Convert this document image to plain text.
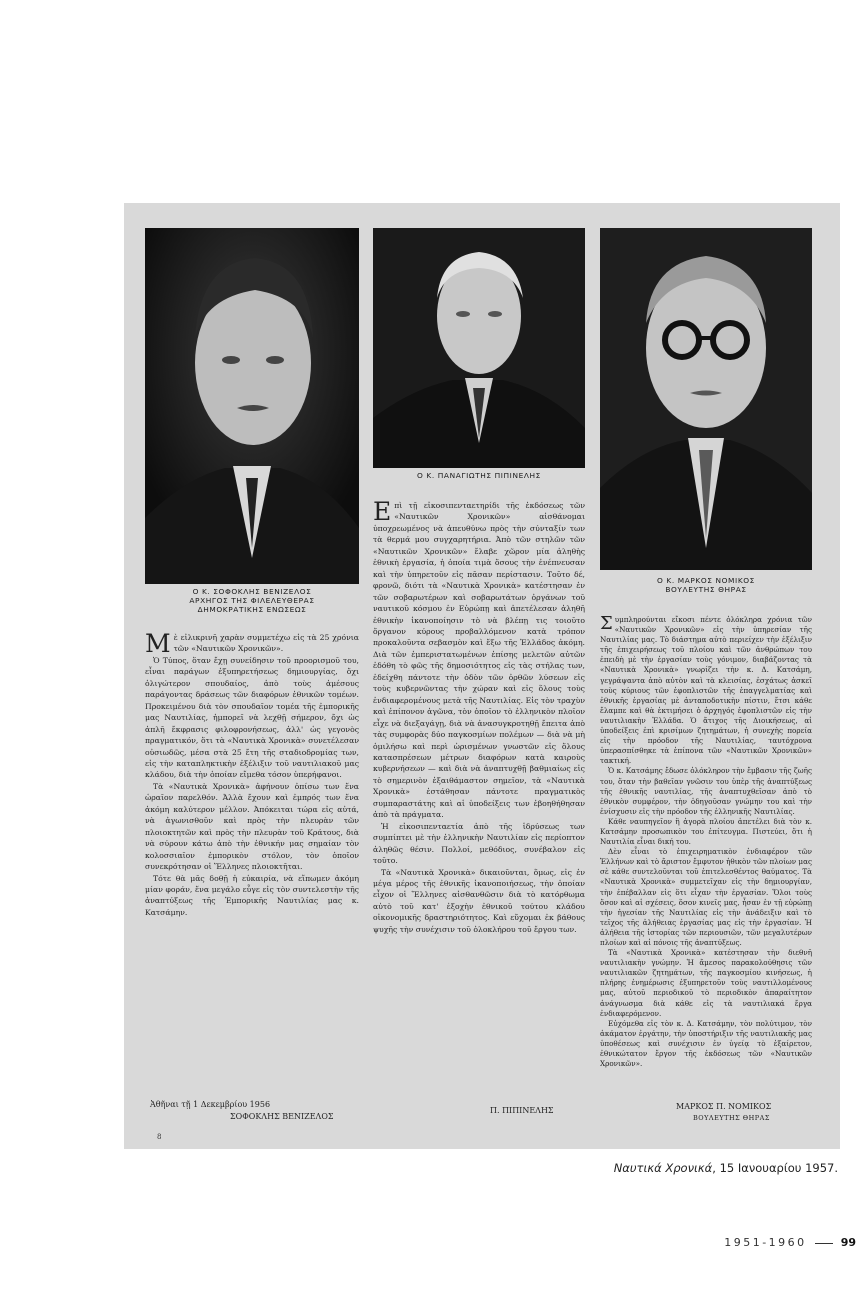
Ο Κ. ΣΟΦΟΚΛΗΣ ΒΕΝΙΖΕΛΟΣ
ΑΡΧΗΓΟΣ ΤΗΣ ΦΙΛΕΛΕΥΘΕΡΑΣ
ΔΗΜΟΚΡΑΤΙΚΗΣ ΕΝΩΣΕΩΣ
Ο Κ. ΠΑΝΑΓΙΩΤΗΣ ΠΙΠΙΝΕΛΗΣ
Ο Κ. ΜΑΡΚΟΣ ΝΟΜΙΚΟΣ
ΒΟΥΛΕΥΤΗΣ ΘΗΡΑΣ

Μὲ εἰλικρινῆ χαρὰν συμμετέχω εἰς τὰ 25 χρόνια τῶν «Ναυτικῶν Χρονικῶν».

Ὁ Τύπος, ὅταν ἔχῃ συνείδησιν τοῦ προορισμοῦ του, εἶναι παράγων ἐξυπηρετήσεως δημιουργίας, ὄχι ὀλιγώτερον σπουδαίος, ἀπὸ τοὺς ἁμέσους παράγοντας δράσεως τῶν διαφόρων ἐθνικῶν τομέων. Προκειμένου διὰ τὸν σπουδαῖον τομέα τῆς ἐμπορικῆς μας Ναυτιλίας, ἠμπορεῖ νὰ λεχθῇ σήμερον, ὄχι ὡς ἁπλῆ ἔκφρασις φιλοφρονήσεως, ἀλλ' ὡς γεγονὸς πραγματικόν, ὅτι τὰ «Ναυτικὰ Χρονικὰ» συνετέλεσαν οὐσιωδῶς, μέσα στὰ 25 ἔτη τῆς σταδιοδρομίας των, εἰς τὴν καταπληκτικὴν ἐξέλιξιν τοῦ ναυτιλιακοῦ μας κλάδου, διὰ τὴν ὁποίαν εἴμεθα τόσον ὑπερήφανοι.

Τὰ «Ναυτικὰ Χρονικὰ» ἀφήνουν ὀπίσω των ἕνα ὡραῖον παρελθόν. Ἀλλὰ ἔχουν καὶ ἐμπρός των ἕνα ἀκόμη καλύτερον μέλλον. Ἀπόκειται τώρα εἰς αὐτά, νὰ ἀγωνισθοῦν καὶ πρὸς τὴν πλευρὰν τῶν πλοιοκτητῶν καὶ πρὸς τὴν πλευρὰν τοῦ Κράτους, διὰ νὰ σύρουν κάτω ἀπὸ τὴν ἐθνικήν μας σημαίαν τὸν κολοσσιαῖον ἐμπορικὸν στόλον, τὸν ὁποῖον συνεκρότησαν οἱ Ἕλληνες πλοιοκτῆται.

Τότε θὰ μᾶς δοθῇ ἡ εὐκαιρία, νὰ εἴπωμεν ἀκόμη μίαν φοράν, ἕνα μεγάλο εὖγε εἰς τὸν συντελεστὴν τῆς ἀναπτύξεως τῆς Ἐμπορικῆς Ναυτιλίας μας κ. Κατσάμην.

Ἀθῆναι τῇ 1 Δεκεμβρίου 1956
ΣΟΦΟΚΛΗΣ ΒΕΝΙΖΕΛΟΣ
8

Επὶ τῇ εἰκοσιπενταετηρίδι τῆς ἐκδόσεως τῶν «Ναυτικῶν Χρονικῶν» αἰσθάνομαι ὑποχρεωμένος νὰ ἀπευθύνω πρὸς τὴν σύνταξίν των τὰ θερμά μου συγχαρητήρια. Ἀπὸ τῶν στηλῶν τῶν «Ναυτικῶν Χρονικῶν» ἔλαβε χῶρον μία ἀληθὴς ἐθνικὴ ἐργασία, ἡ ὁποία τιμὰ ὅσους τὴν ἐνέπνευσαν καὶ τὴν ὑπηρετοῦν εἰς πᾶσαν περίστασιν. Τοῦτο δέ, φρονῶ, διότι τὰ «Ναυτικὰ Χρονικὰ» κατέστησαν ἐν τῶν σοβαρωτέρων καὶ σοβαρωτάτων ὀργάνων τοῦ ναυτικοῦ κόσμου ἐν Εὐρώπῃ καὶ ἀπετέλεσαν ἀληθῆ ἐθνικὴν ἱκανοποίησιν τὸ νὰ βλέπῃ τις τοιοῦτο ὄργανον κύρους προβαλλόμενον κατὰ τρόπον προκαλοῦντα σεβασμὸν καὶ ἔξω τῆς Ἑλλάδος ἀκόμη. Διὰ τῶν ἐμπεριστατωμένων ἐπίσης μελετῶν αὐτῶν ἐδόθη τὸ φῶς τῆς δημοσιότητος εἰς τὰς στήλας των, ἐδείχθη πάντοτε τὴν ὁδὸν τῶν ὀρθῶν λύσεων εἰς τοὺς κυβερνῶντας τὴν χώραν καὶ εἰς ὅλους τοὺς ἐνδιαφερομένους μετὰ τῆς Ναυτιλίας. Εἰς τὸν τραχὺν καὶ ἐπίπονον ἀγῶνα, τὸν ὁποῖον τὸ ἑλληνικὸν πλοῖον εἶχε νὰ διεξαγάγῃ, διὰ νὰ ἀνασυγκροτηθῇ ἔπειτα ἀπὸ τὰς συμφορὰς δύο παγκοσμίων πολέμων — διὰ νὰ μὴ ὁμιλήσω καὶ περὶ ὡρισμένων γνωστῶν εἰς ὅλους κατασπρέσεων μέτρων διαφόρων κατὰ καιροὺς κυβερνήσεων — καὶ διὰ νὰ ἀναπτυχθῇ βαθμιαίως εἰς τὸ σημερινὸν ἐξαιθάμαστον σημεῖον, τὰ «Ναυτικὰ Χρονικὰ» ἐστάθησαν πάντοτε πραγματικὸς συμπαραστάτης καὶ αἱ ὑποδείξεις των ἐβοηθήθησαν ἀπὸ τὰ πράγματα.

Ἡ εἰκοσιπενταετία ἀπὸ τῆς ἱδρύσεως των συμπίπτει μὲ τὴν ἑλληνικὴν Ναυτιλίαν εἰς περίοπτον ἀληθῶς θέσιν. Πολλοί, μεθόδιος, συνέβαλον εἰς τοῦτο.

Τὰ «Ναυτικὰ Χρονικὰ» δικαιοῦνται, ὅμως, εἰς ἐν μέγα μέρος τῆς ἐθνικῆς ἱκανοποιήσεως, τὴν ὁποίαν εἶχον οἱ Ἕλληνες αἰσθανθῶσιν διὰ τὸ κατόρθωμα αὐτὸ τοῦ κατ' ἐξοχὴν ἐθνικοῦ τούτου κλάδου οἰκονομικῆς δραστηριότητος. Καὶ εὔχομαι ἐκ βάθους ψυχῆς τὴν συνέχισιν τοῦ ὁλοκλήρου τοῦ ἔργου των.

Π. ΠΙΠΙΝΕΛΗΣ

Συμπληρούνται εἴκοσι πέντε ὁλόκληρα χρόνια τῶν «Ναυτικῶν Χρονικῶν» εἰς τὴν ὑπηρεσίαν τῆς Ναυτιλίας μας. Τὸ διάστημα αὐτὸ περιείχεν τὴν ἐξέλιξιν τῆς ἐπιχειρήσεως τοῦ πλοίου καὶ τῶν ἀνθρώπων του ἐπειδὴ μὲ τὴν ἐργασίαν τοὺς γόνιμον, διαβάζοντας τὰ «Ναυτικὰ Χρονικὰ» γνωρίζει τὴν κ. Δ. Κατσάμη, γεγράψαντα ἀπὸ αὐτὸν καὶ τὰ κλεισίας, ἐσχάτως ἀσκεῖ τοὺς κύριους τῶν ἐφοπλιστῶν τῆς ἐπαγγελματίας καὶ ἐθνικῆς ἐργασίας μὲ ἀνταποδοτικὴν πίστιν, ἔτσι κάθε ἔλαμπε καὶ θὰ ἐκτιμήσει ὁ ἀρχηγός ἐφοπλιστῶν εἰς τὴν ναυτιλιακὴν Ἑλλάδα. Ὁ ἄτιχος τῆς Διοικήσεως, αἱ ὑποδείξεις ἐπὶ κρισίμων ζητημάτων, ἡ συνεχὴς πορεία εἰς τὴν πρόοδον τῆς Ναυτιλίας, ταυτόχρονα ὑπερασπίσθηκε τὰ ἐπίπονα τῶν «Ναυτικῶν Χρονικῶν» τακτική.

Ὁ κ. Κατσάμης ἔδωσε ὁλόκληρον τὴν ἔμβασιν τῆς ζωῆς του, ὅταν τὴν βαθεῖαν γνῶσιν του ὑπὲρ τῆς ἀναπτύξεως τῆς ἐθνικῆς ναυτιλίας, τῆς ἀναπτυχθεῖσαν ἀπὸ τὸ ἐθνικὸν συμφέρον, τὴν ὁδηγοῦσαν γνώμην του καὶ τὴν ἐνίσχυσιν εἰς τὴν πρόοδον τῆς ἑλληνικῆς Ναυτιλίας.

Κάθε ναυπηγεῖον ἢ ἀγορὰ πλοίου ἀπετέλει διὰ τὸν κ. Κατσάμην προσωπικὸν του ἐπίτευγμα. Πιστεύει, ὅτι ἡ Ναυτιλία εἶναι δική του.

Δὲν εἶναι τὸ ἐπιχειρηματικὸν ἐνδιαφέρον τῶν Ἑλλήνων καὶ τὸ ἄριστον ἔμφυτον ἠθικὸν τῶν πλοίων μας σὲ κάθε συντελοῦνται τοῦ ἐπιτελεσθέντος θαύματος. Τὰ «Ναυτικὰ Χρονικὰ» συμμετεῖχαν εἰς τὴν δημιουργίαν, τὴν ἐπέβαλλαν εἰς ὅτι εἶχαν τὴν ἐργασίαν. Ὅλοι τοὺς ὅσον καὶ αἱ σχέσεις, ὅσον κινεῖς μας, ἦσαν ἐν τῇ εὐρώπῃ τὴν ἡγεσίαν τῆς Ναυτιλίας εἰς τὴν ἀνάδειξιν καὶ τὸ τεῖχος τῆς ἀλήθειας ἐργασίας μας εἰς τὴν ἐργασίαν. Ἡ ἀλήθεια τῆς ἱστορίας τῶν περιουσιῶν, τῶν μεγαλυτέρων πλοίων καὶ αἱ πόνοις τῆς ἀναπτύξεως.

Τὰ «Ναυτικὰ Χρονικὰ» κατέστησαν τὴν διεθνῆ ναυτιλιακὴν γνώμην. Ἡ ἄμεσος παρακολούθησις τῶν ναυτιλιακῶν ζητημάτων, τῆς παγκοσμίου κινήσεως, ἡ πλήρης ἐνημέρωσις ἐξυπηρετοῦν τοὺς ναυτιλλομένους μας, αὐτοῦ περιοδικοῦ τὸ περιοδικὸν ἀπαραίτητον ἀνάγνωσμα διὰ κάθε εἰς τὰ ναυτιλιακά ἔργα ἐνδιαφερόμενον.

Εὐχόμεθα εἰς τὸν κ. Δ. Κατσάμην, τὸν πολύτιμον, τὸν ἀκάματον ἐργάτην, τὴν ὑποστήριξιν τῆς ναυτιλιακῆς μας ὑποθέσεως καὶ συνέχισιν ἐν ὑγείᾳ τὸ ἐξαίρετον, ἐθνικώτατον ἔργον τῆς ἐκδόσεως τῶν «Ναυτικῶν Χρονικῶν».

ΜΑΡΚΟΣ Π. ΝΟΜΙΚΟΣ
ΒΟΥΛΕΥΤΗΣ ΘΗΡΑΣ
Ναυτικά Χρονικά, 15 Ιανουαρίου 1957.
1951-1960	99
